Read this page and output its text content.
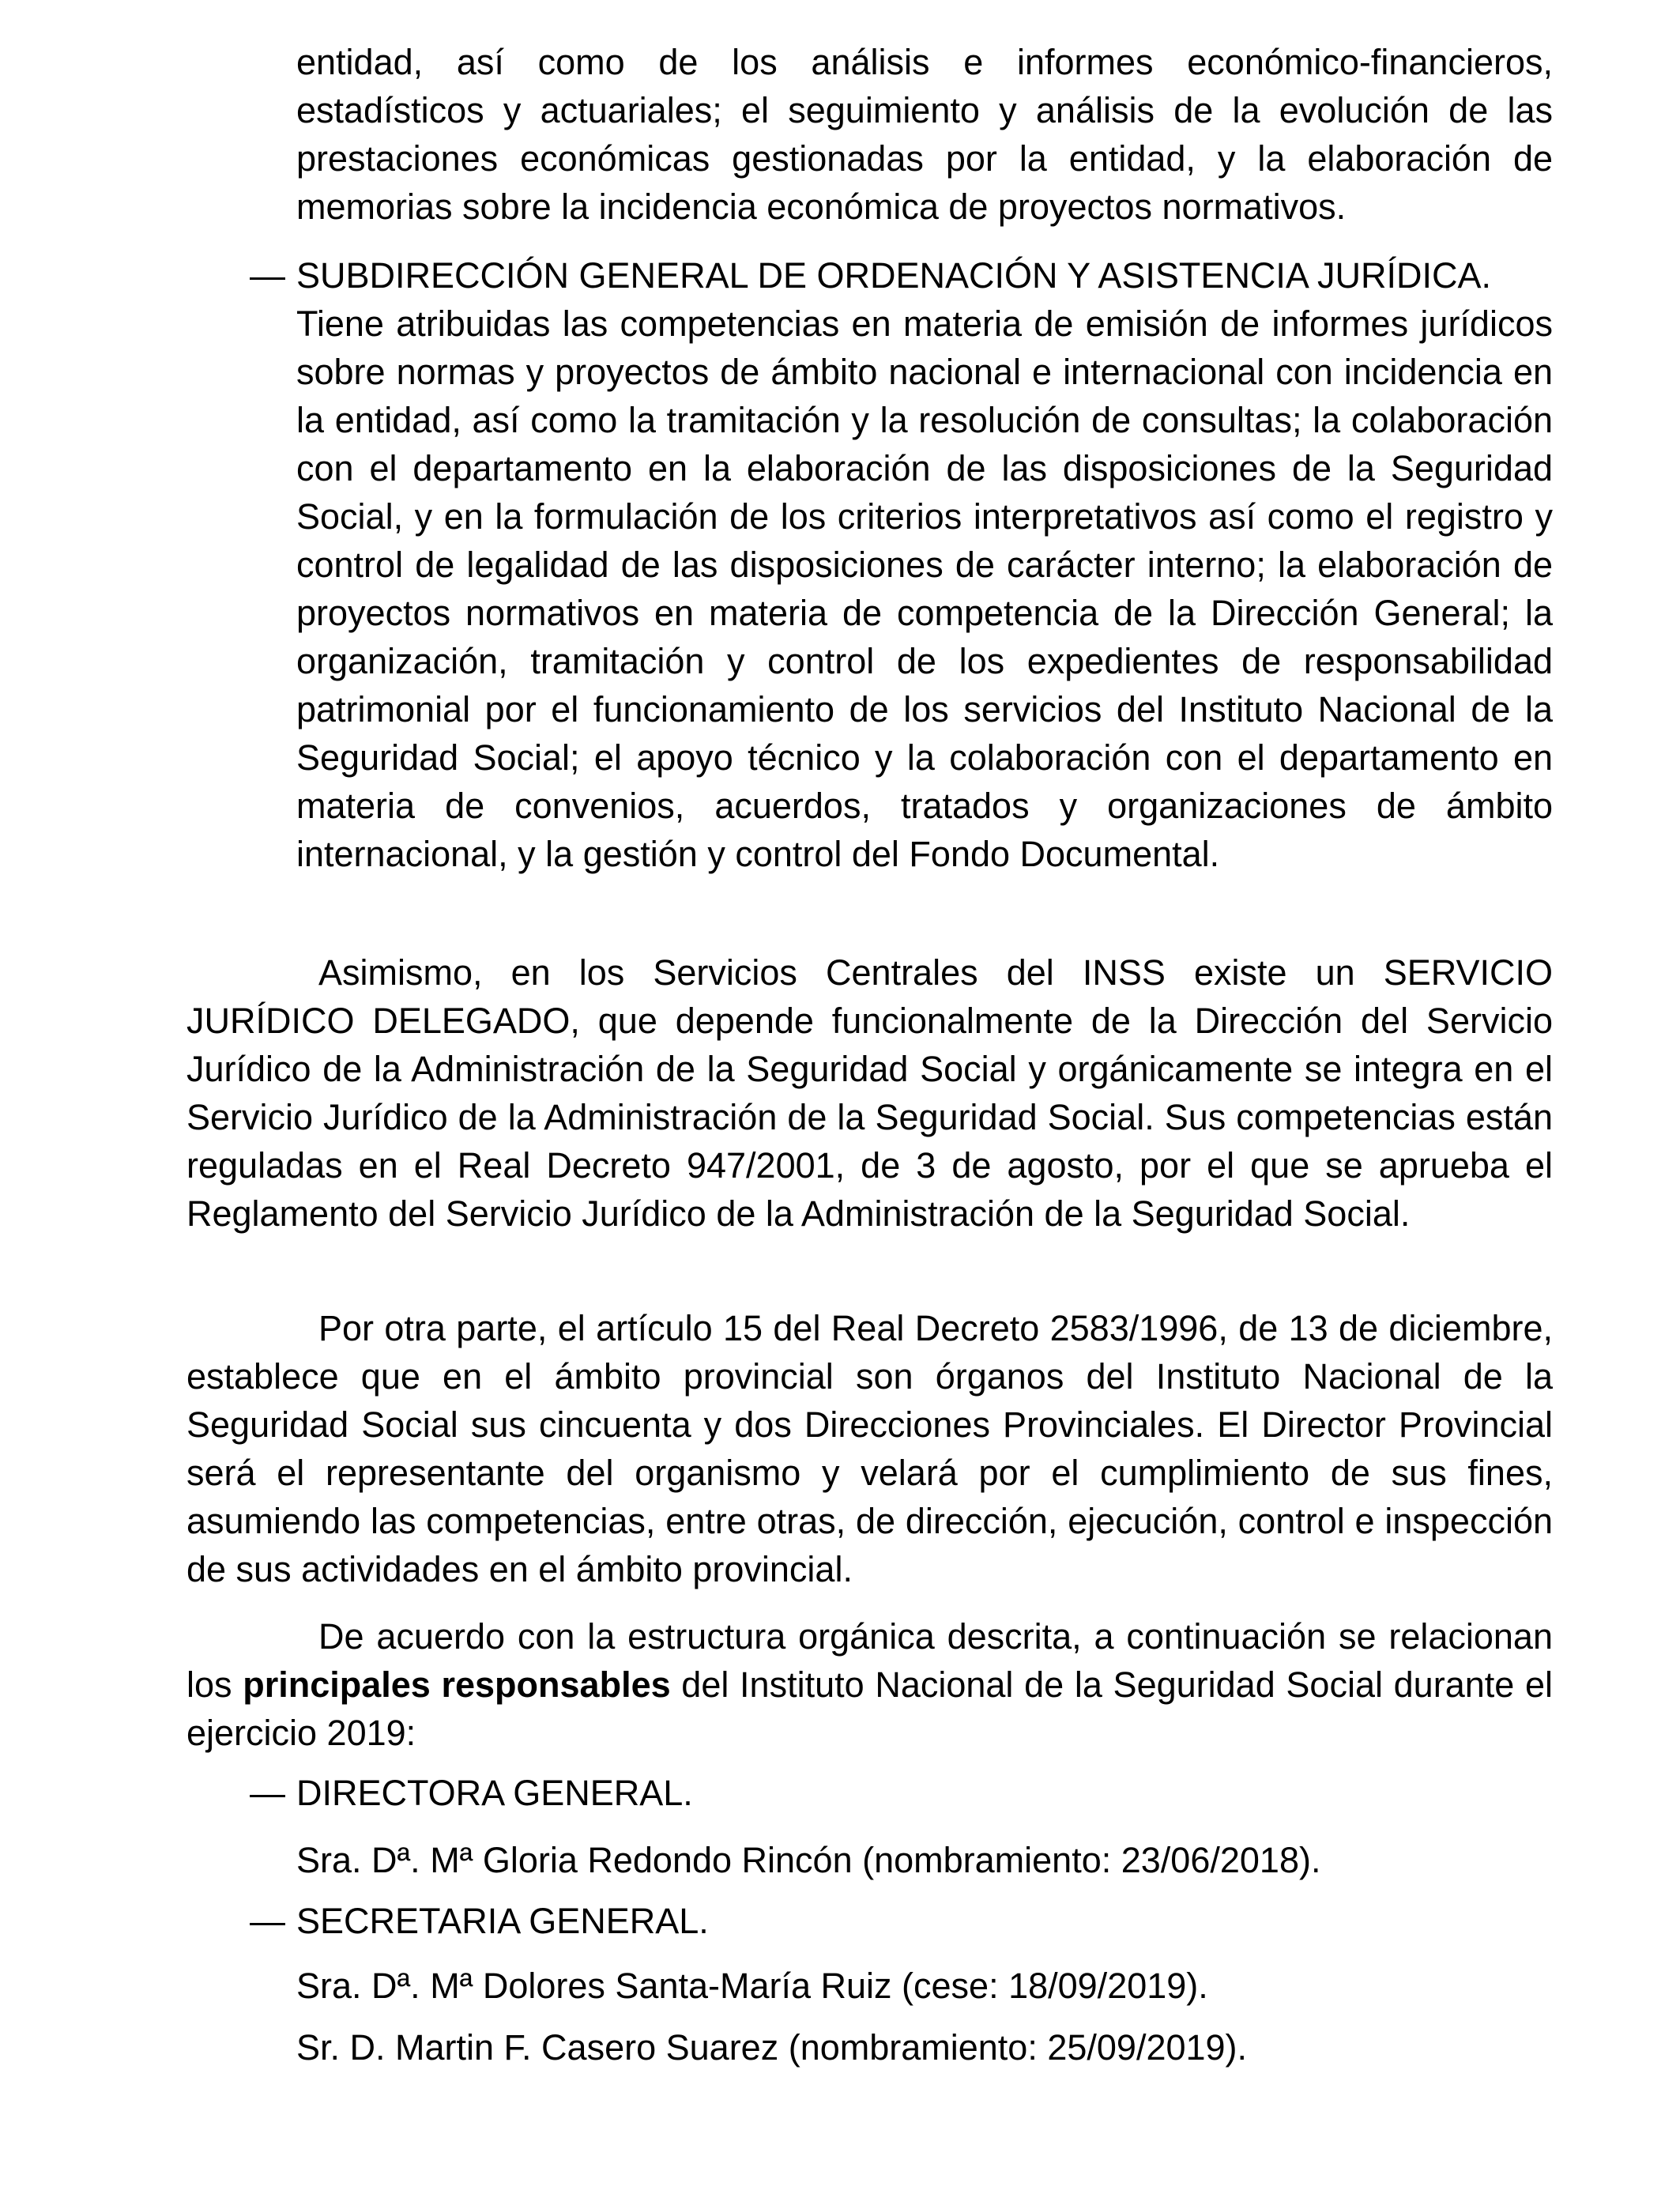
entidad, así como de los análisis e informes económico-financieros, estadísticos y actuariales; el seguimiento y análisis de la evolución de las prestaciones económicas gestionadas por la entidad, y la elaboración de memorias sobre la incidencia económica de proyectos normativos.

— SUBDIRECCIÓN GENERAL DE ORDENACIÓN Y ASISTENCIA JURÍDICA.

Tiene atribuidas las competencias en materia de emisión de informes jurídicos sobre normas y proyectos de ámbito nacional e internacional con incidencia en la entidad, así como la tramitación y la resolución de consultas; la colaboración con el departamento en la elaboración de las disposiciones de la Seguridad Social, y en la formulación de los criterios interpretativos así como el registro y control de legalidad de las disposiciones de carácter interno; la elaboración de proyectos normativos en materia de competencia de la Dirección General; la organización, tramitación y control de los expedientes de responsabilidad patrimonial por el funcionamiento de los servicios del Instituto Nacional de la Seguridad Social; el apoyo técnico y la colaboración con el departamento en materia de convenios, acuerdos, tratados y organizaciones de ámbito internacional, y la gestión y control del Fondo Documental.

Asimismo, en los Servicios Centrales del INSS existe un SERVICIO JURÍDICO DELEGADO, que depende funcionalmente de la Dirección del Servicio Jurídico de la Administración de la Seguridad Social y orgánicamente se integra en el Servicio Jurídico de la Administración de la Seguridad Social. Sus competencias están reguladas en el Real Decreto 947/2001, de 3 de agosto, por el que se aprueba el Reglamento del Servicio Jurídico de la Administración de la Seguridad Social.

Por otra parte, el artículo 15 del Real Decreto 2583/1996, de 13 de diciembre, establece que en el ámbito provincial son órganos del Instituto Nacional de la Seguridad Social sus cincuenta y dos Direcciones Provinciales. El Director Provincial será el representante del organismo y velará por el cumplimiento de sus fines, asumiendo las competencias, entre otras, de dirección, ejecución, control e inspección de sus actividades en el ámbito provincial.

De acuerdo con la estructura orgánica descrita, a continuación se relacionan los principales responsables del Instituto Nacional de la Seguridad Social durante el ejercicio 2019:

— DIRECTORA GENERAL.

Sra. Dª. Mª Gloria Redondo Rincón (nombramiento: 23/06/2018).

— SECRETARIA GENERAL.

Sra. Dª. Mª Dolores Santa-María Ruiz (cese: 18/09/2019).

Sr. D. Martin F. Casero Suarez (nombramiento: 25/09/2019).
